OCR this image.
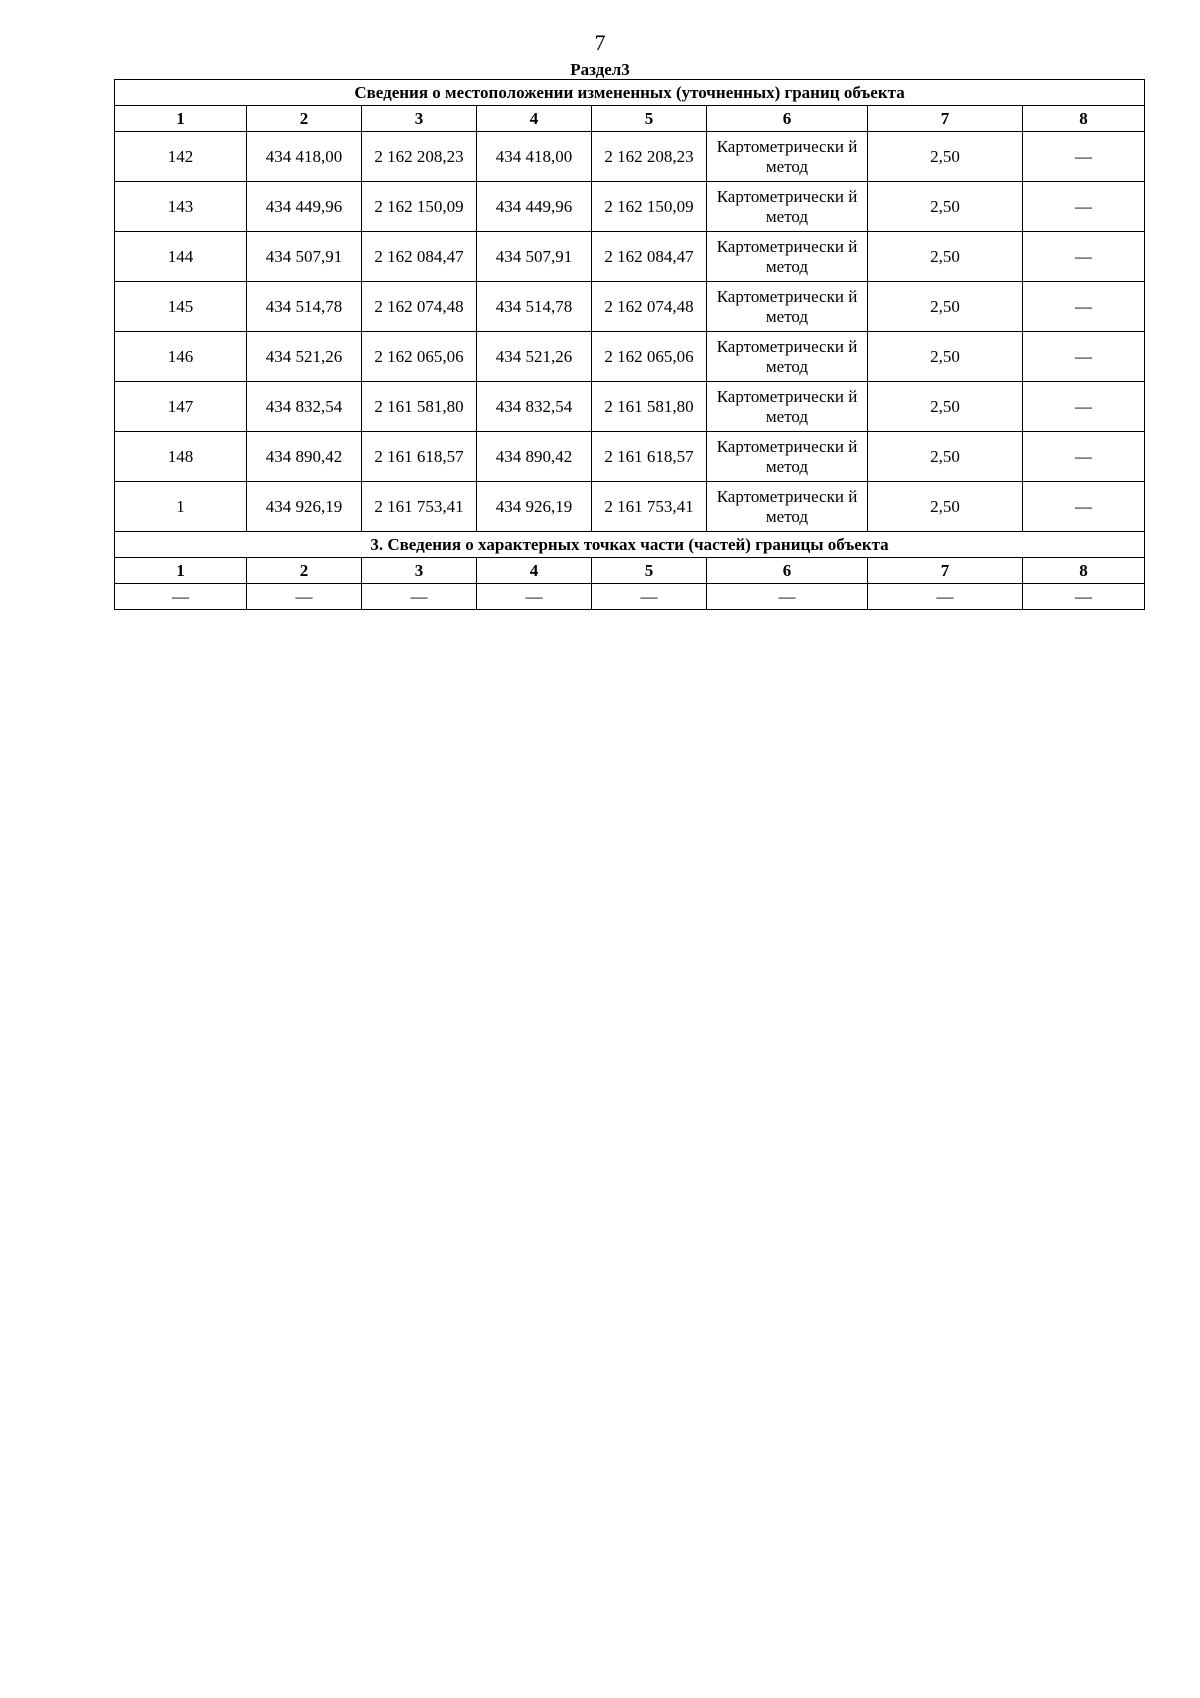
7
Раздел3
Сведения о местоположении измененных (уточненных) границ объекта							
1	2	3	4	5	6	7	8
142	434 418,00	2 162 208,23	434 418,00	2 162 208,23	Картометрически й метод	2,50	—
143	434 449,96	2 162 150,09	434 449,96	2 162 150,09	Картометрически й метод	2,50	—
144	434 507,91	2 162 084,47	434 507,91	2 162 084,47	Картометрически й метод	2,50	—
145	434 514,78	2 162 074,48	434 514,78	2 162 074,48	Картометрически й метод	2,50	—
146	434 521,26	2 162 065,06	434 521,26	2 162 065,06	Картометрически й метод	2,50	—
147	434 832,54	2 161 581,80	434 832,54	2 161 581,80	Картометрически й метод	2,50	—
148	434 890,42	2 161 618,57	434 890,42	2 161 618,57	Картометрически й метод	2,50	—
1	434 926,19	2 161 753,41	434 926,19	2 161 753,41	Картометрически й метод	2,50	—
3. Сведения о характерных точках части (частей) границы объекта							
1	2	3	4	5	6	7	8
—	—	—	—	—	—	—	—
